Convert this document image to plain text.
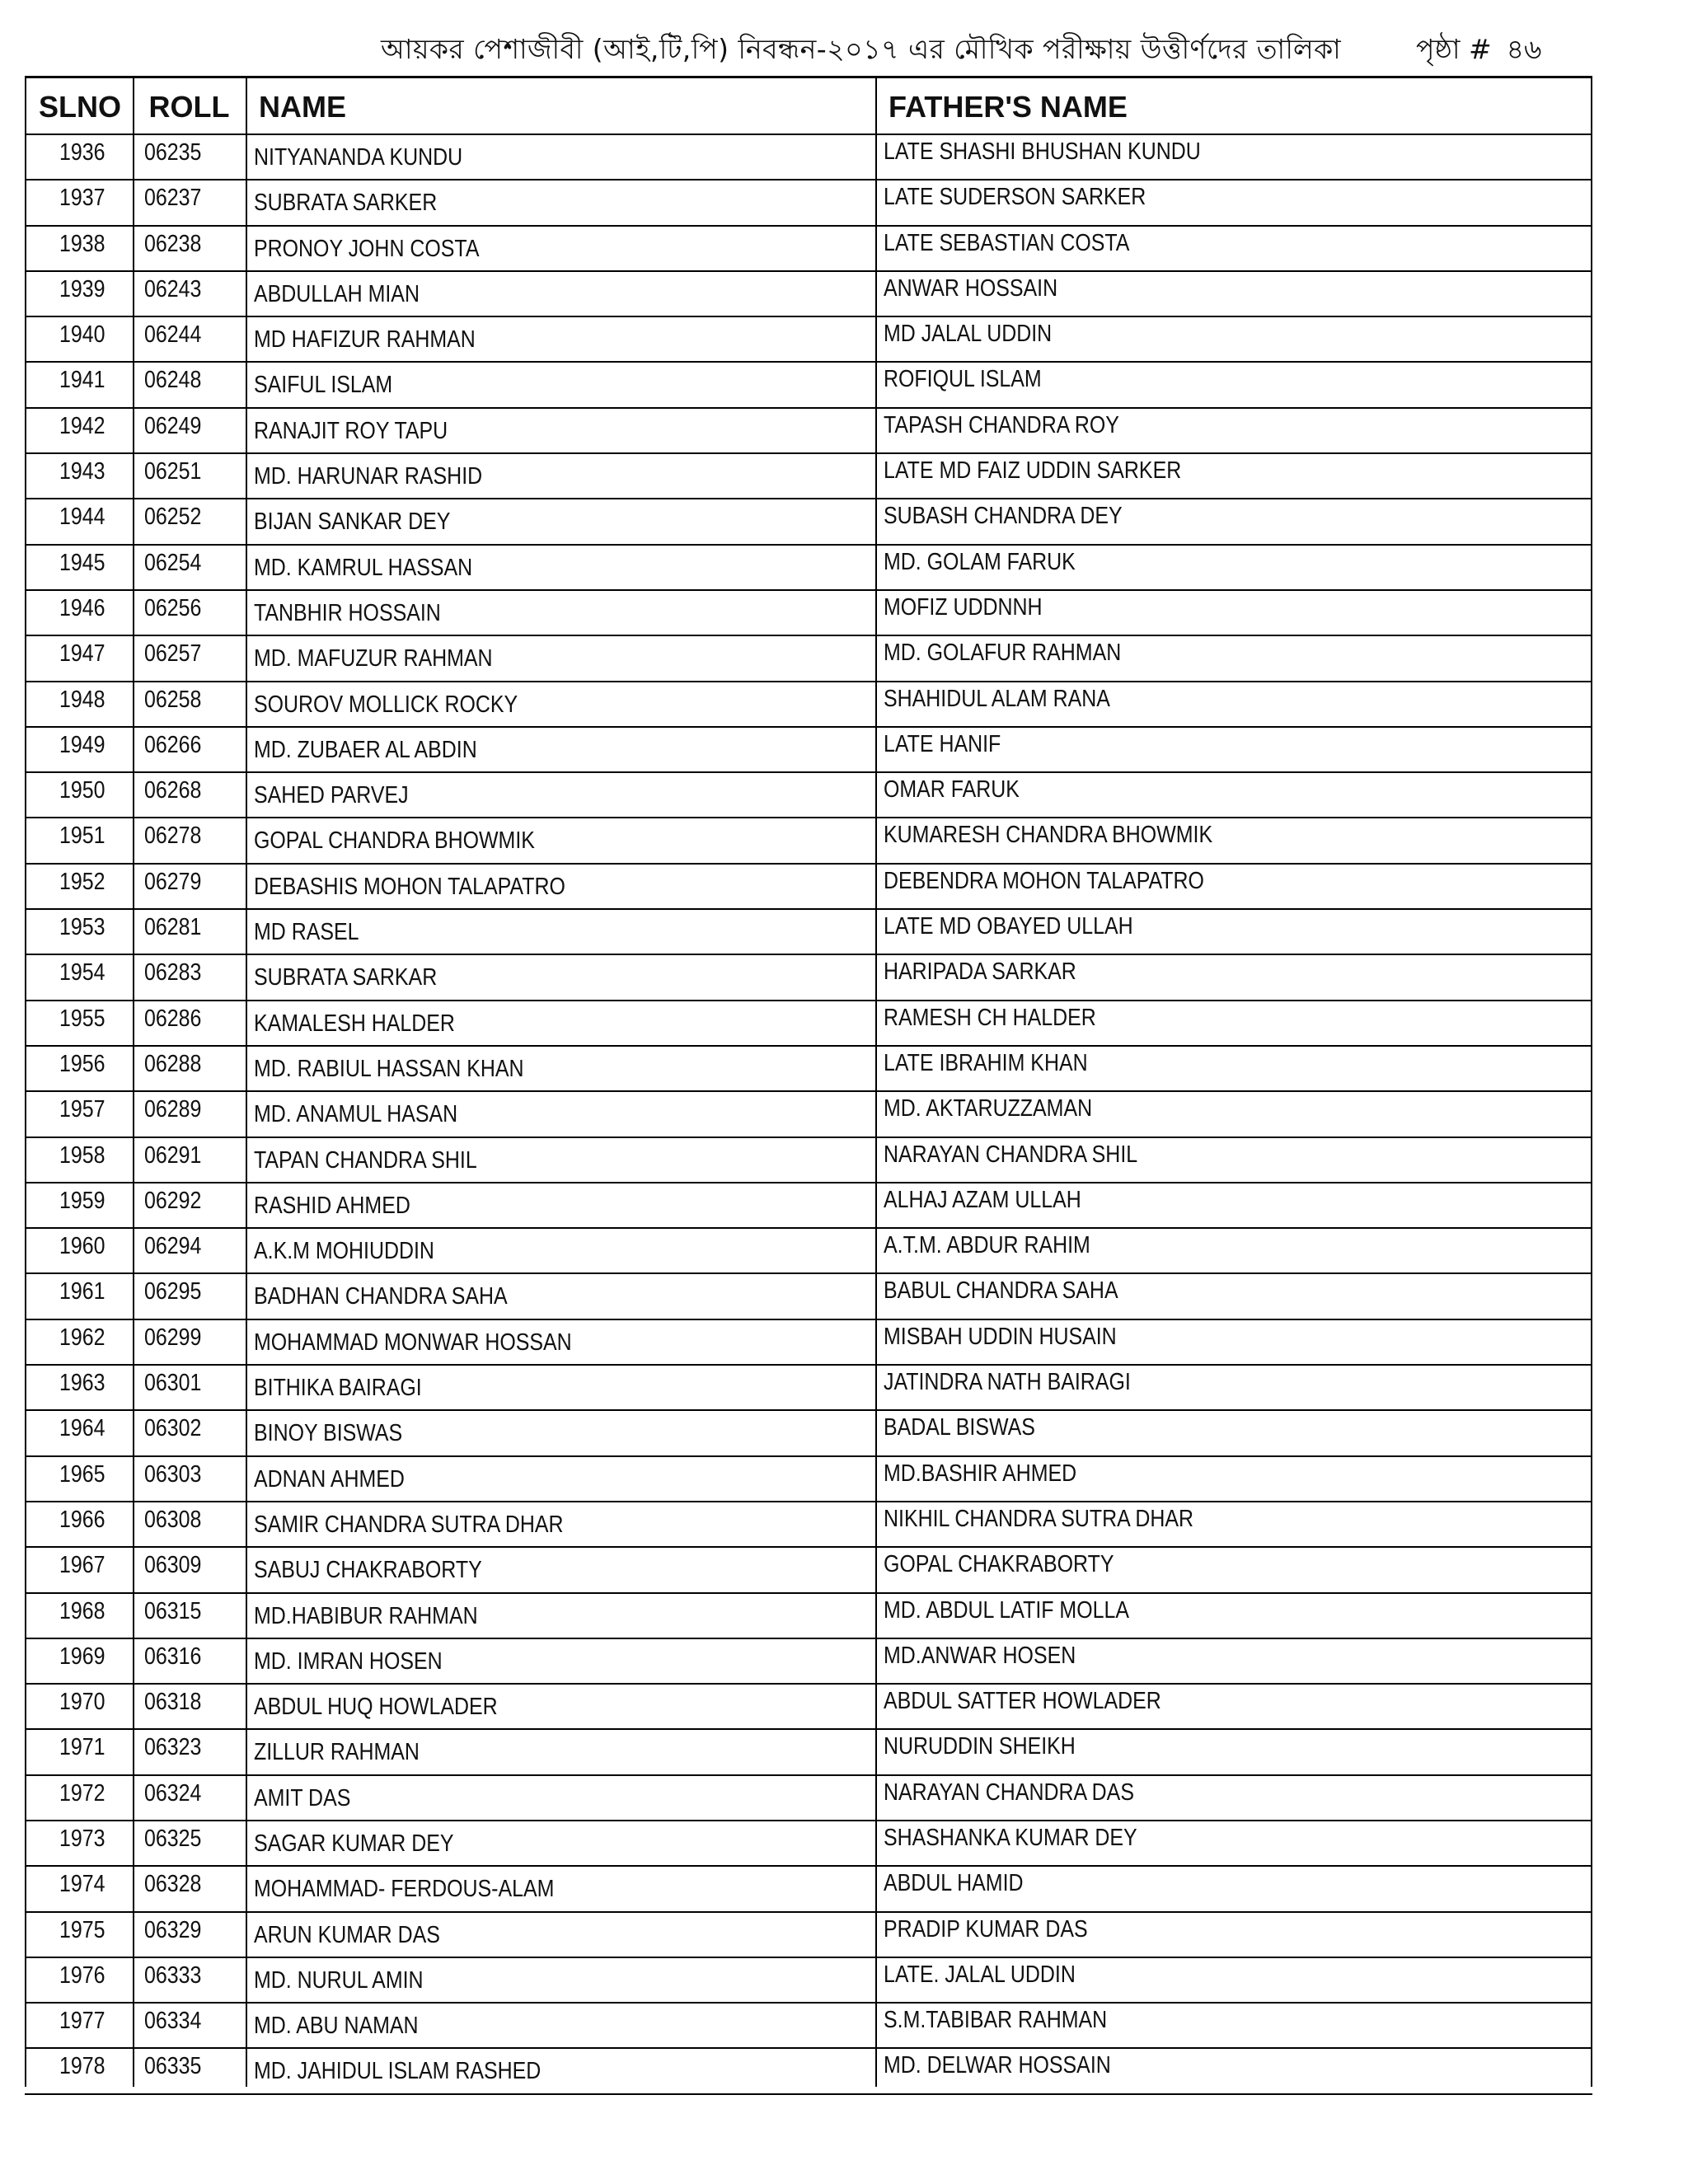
আয়কর পেশাজীবী (আই,টি,পি) নিবন্ধন-২০১৭ এর মৌখিক পরীক্ষায় উত্তীর্ণদের তালিকা	পৃষ্ঠা # ৪৬
SLNO ROLL NAME	FATHER'S NAME
1936 06235 NITYANANDA KUNDU	LATE SHASHI BHUSHAN KUNDU
1937 06237 SUBRATA SARKER	LATE SUDERSON SARKER
1938 06238 PRONOY JOHN COSTA	LATE SEBASTIAN COSTA
1939 06243 ABDULLAH MIAN	ANWAR HOSSAIN
1940 06244 MD HAFIZUR RAHMAN	MD JALAL UDDIN
1941 06248 SAIFUL ISLAM	ROFIQUL ISLAM
1942 06249 RANAJIT ROY TAPU	TAPASH CHANDRA ROY
1943 06251 MD. HARUNAR RASHID	LATE MD FAIZ UDDIN SARKER
1944 06252 BIJAN SANKAR DEY	SUBASH CHANDRA DEY
1945 06254 MD. KAMRUL HASSAN	MD. GOLAM FARUK
1946 06256 TANBHIR HOSSAIN	MOFIZ UDDNNH
1947 06257 MD. MAFUZUR RAHMAN	MD. GOLAFUR RAHMAN
1948 06258 SOUROV MOLLICK ROCKY	SHAHIDUL ALAM RANA
1949 06266 MD. ZUBAER AL ABDIN	LATE HANIF
1950 06268 SAHED PARVEJ	OMAR FARUK
1951 06278 GOPAL CHANDRA BHOWMIK	KUMARESH CHANDRA BHOWMIK
1952 06279 DEBASHIS MOHON TALAPATRO	DEBENDRA MOHON TALAPATRO
1953 06281 MD RASEL	LATE MD OBAYED ULLAH
1954 06283 SUBRATA SARKAR	HARIPADA SARKAR
1955 06286 KAMALESH HALDER	RAMESH CH HALDER
1956 06288 MD. RABIUL HASSAN KHAN	LATE IBRAHIM KHAN
1957 06289 MD. ANAMUL HASAN	MD. AKTARUZZAMAN
1958 06291 TAPAN CHANDRA SHIL	NARAYAN CHANDRA SHIL
1959 06292 RASHID AHMED	ALHAJ AZAM ULLAH
1960 06294 A.K.M MOHIUDDIN	A.T.M. ABDUR RAHIM
1961 06295 BADHAN CHANDRA SAHA	BABUL CHANDRA SAHA
1962 06299 MOHAMMAD MONWAR HOSSAN	MISBAH UDDIN HUSAIN
1963 06301 BITHIKA BAIRAGI	JATINDRA NATH BAIRAGI
1964 06302 BINOY BISWAS	BADAL BISWAS
1965 06303 ADNAN AHMED	MD.BASHIR AHMED
1966 06308 SAMIR CHANDRA SUTRA DHAR	NIKHIL CHANDRA SUTRA DHAR
1967 06309 SABUJ CHAKRABORTY	GOPAL CHAKRABORTY
1968 06315 MD.HABIBUR RAHMAN	MD. ABDUL LATIF MOLLA
1969 06316 MD. IMRAN HOSEN	MD.ANWAR HOSEN
1970 06318 ABDUL HUQ HOWLADER	ABDUL SATTER HOWLADER
1971 06323 ZILLUR RAHMAN	NURUDDIN SHEIKH
1972 06324 AMIT DAS	NARAYAN CHANDRA DAS
1973 06325 SAGAR KUMAR DEY	SHASHANKA KUMAR DEY
1974 06328 MOHAMMAD- FERDOUS-ALAM	ABDUL HAMID
1975 06329 ARUN KUMAR DAS	PRADIP KUMAR DAS
1976 06333 MD. NURUL AMIN	LATE. JALAL UDDIN
1977 06334 MD. ABU NAMAN	S.M.TABIBAR RAHMAN
1978 06335 MD. JAHIDUL ISLAM RASHED	MD. DELWAR HOSSAIN
